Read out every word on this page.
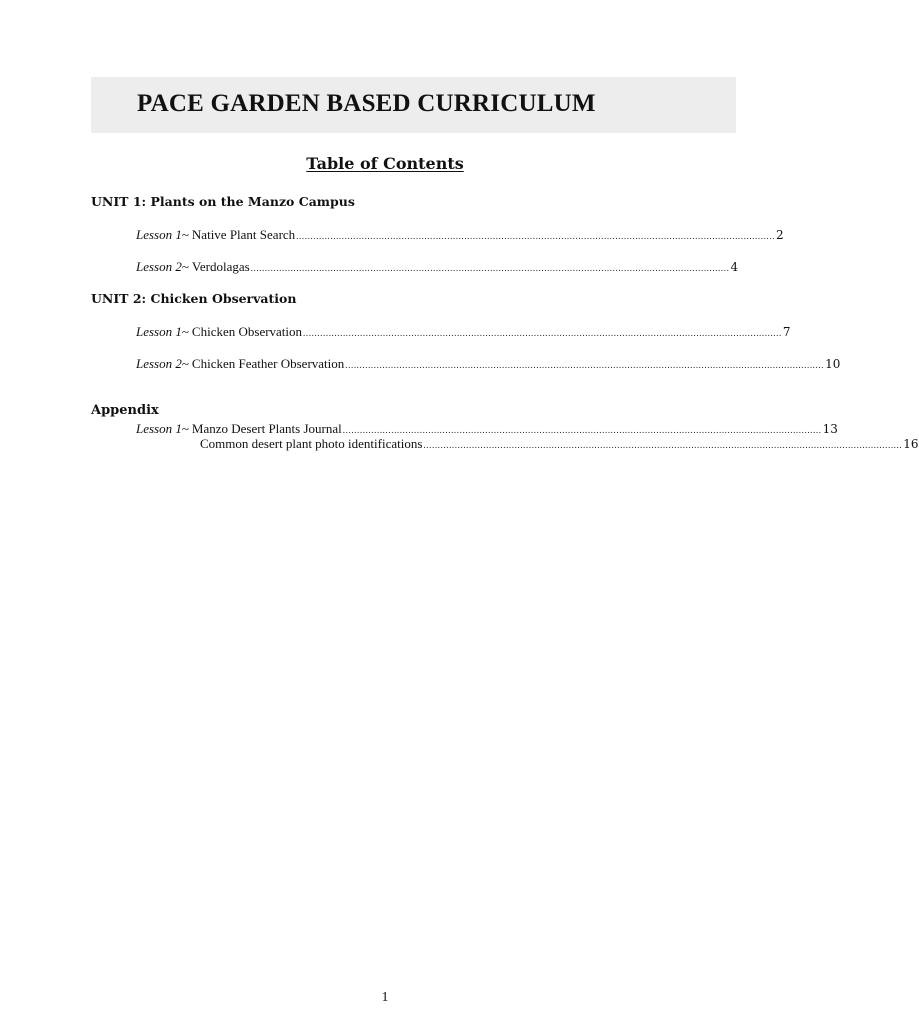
PACE GARDEN BASED CURRICULUM
Table of Contents
UNIT 1: Plants on the Manzo Campus
Lesson 1 ~ Native Plant Search ........................................................................................................................................................................ 2
Lesson 2 ~ Verdolagas ........................................................................................................................................................................ 4
UNIT 2: Chicken Observation
Lesson 1 ~ Chicken Observation ........................................................................................................................................................................ 7
Lesson 2 ~ Chicken Feather Observation ........................................................................................................................................................................ 10
Appendix
Lesson 1 ~ Manzo Desert Plants Journal ........................................................................................................................................................................ 13
Common desert plant photo identifications ........................................................................................................................................................................ 16
1
